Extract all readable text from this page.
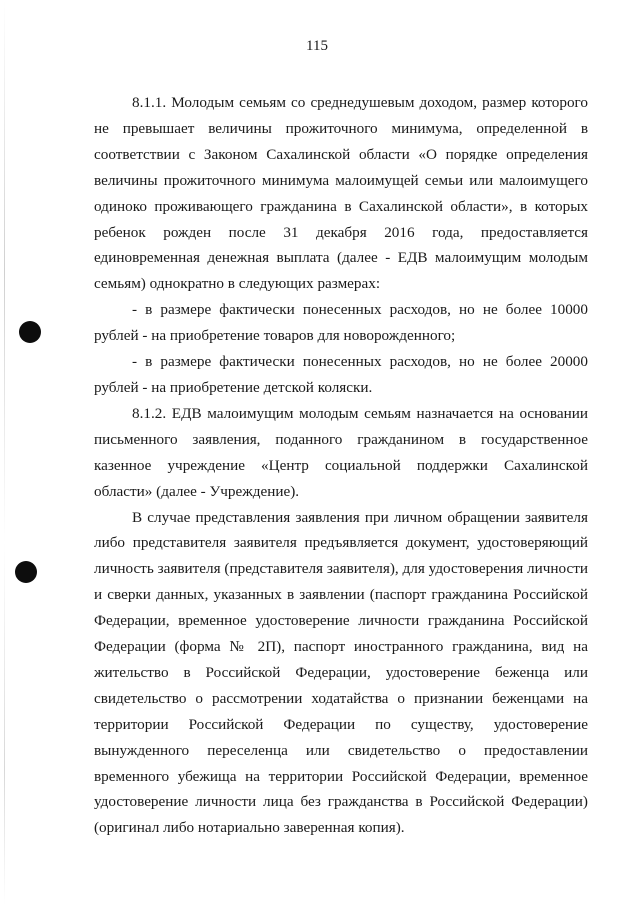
115

8.1.1. Молодым семьям со среднедушевым доходом, размер которого не превышает величины прожиточного минимума, определенной в соответствии с Законом Сахалинской области «О порядке определения величины прожиточного минимума малоимущей семьи или малоимущего одиноко проживающего гражданина в Сахалинской области», в которых ребенок рожден после 31 декабря 2016 года, предоставляется единовременная денежная выплата (далее - ЕДВ малоимущим молодым семьям) однократно в следующих размерах:

- в размере фактически понесенных расходов, но не более 10000 рублей - на приобретение товаров для новорожденного;

- в размере фактически понесенных расходов, но не более 20000 рублей - на приобретение детской коляски.

8.1.2. ЕДВ малоимущим молодым семьям назначается на основании письменного заявления, поданного гражданином в государственное казенное учреждение «Центр социальной поддержки Сахалинской области» (далее - Учреждение).

В случае представления заявления при личном обращении заявителя либо представителя заявителя предъявляется документ, удостоверяющий личность заявителя (представителя заявителя), для удостоверения личности и сверки данных, указанных в заявлении (паспорт гражданина Российской Федерации, временное удостоверение личности гражданина Российской Федерации (форма № 2П), паспорт иностранного гражданина, вид на жительство в Российской Федерации, удостоверение беженца или свидетельство о рассмотрении ходатайства о признании беженцами на территории Российской Федерации по существу, удостоверение вынужденного переселенца или свидетельство о предоставлении временного убежища на территории Российской Федерации, временное удостоверение личности лица без гражданства в Российской Федерации) (оригинал либо нотариально заверенная копия).
